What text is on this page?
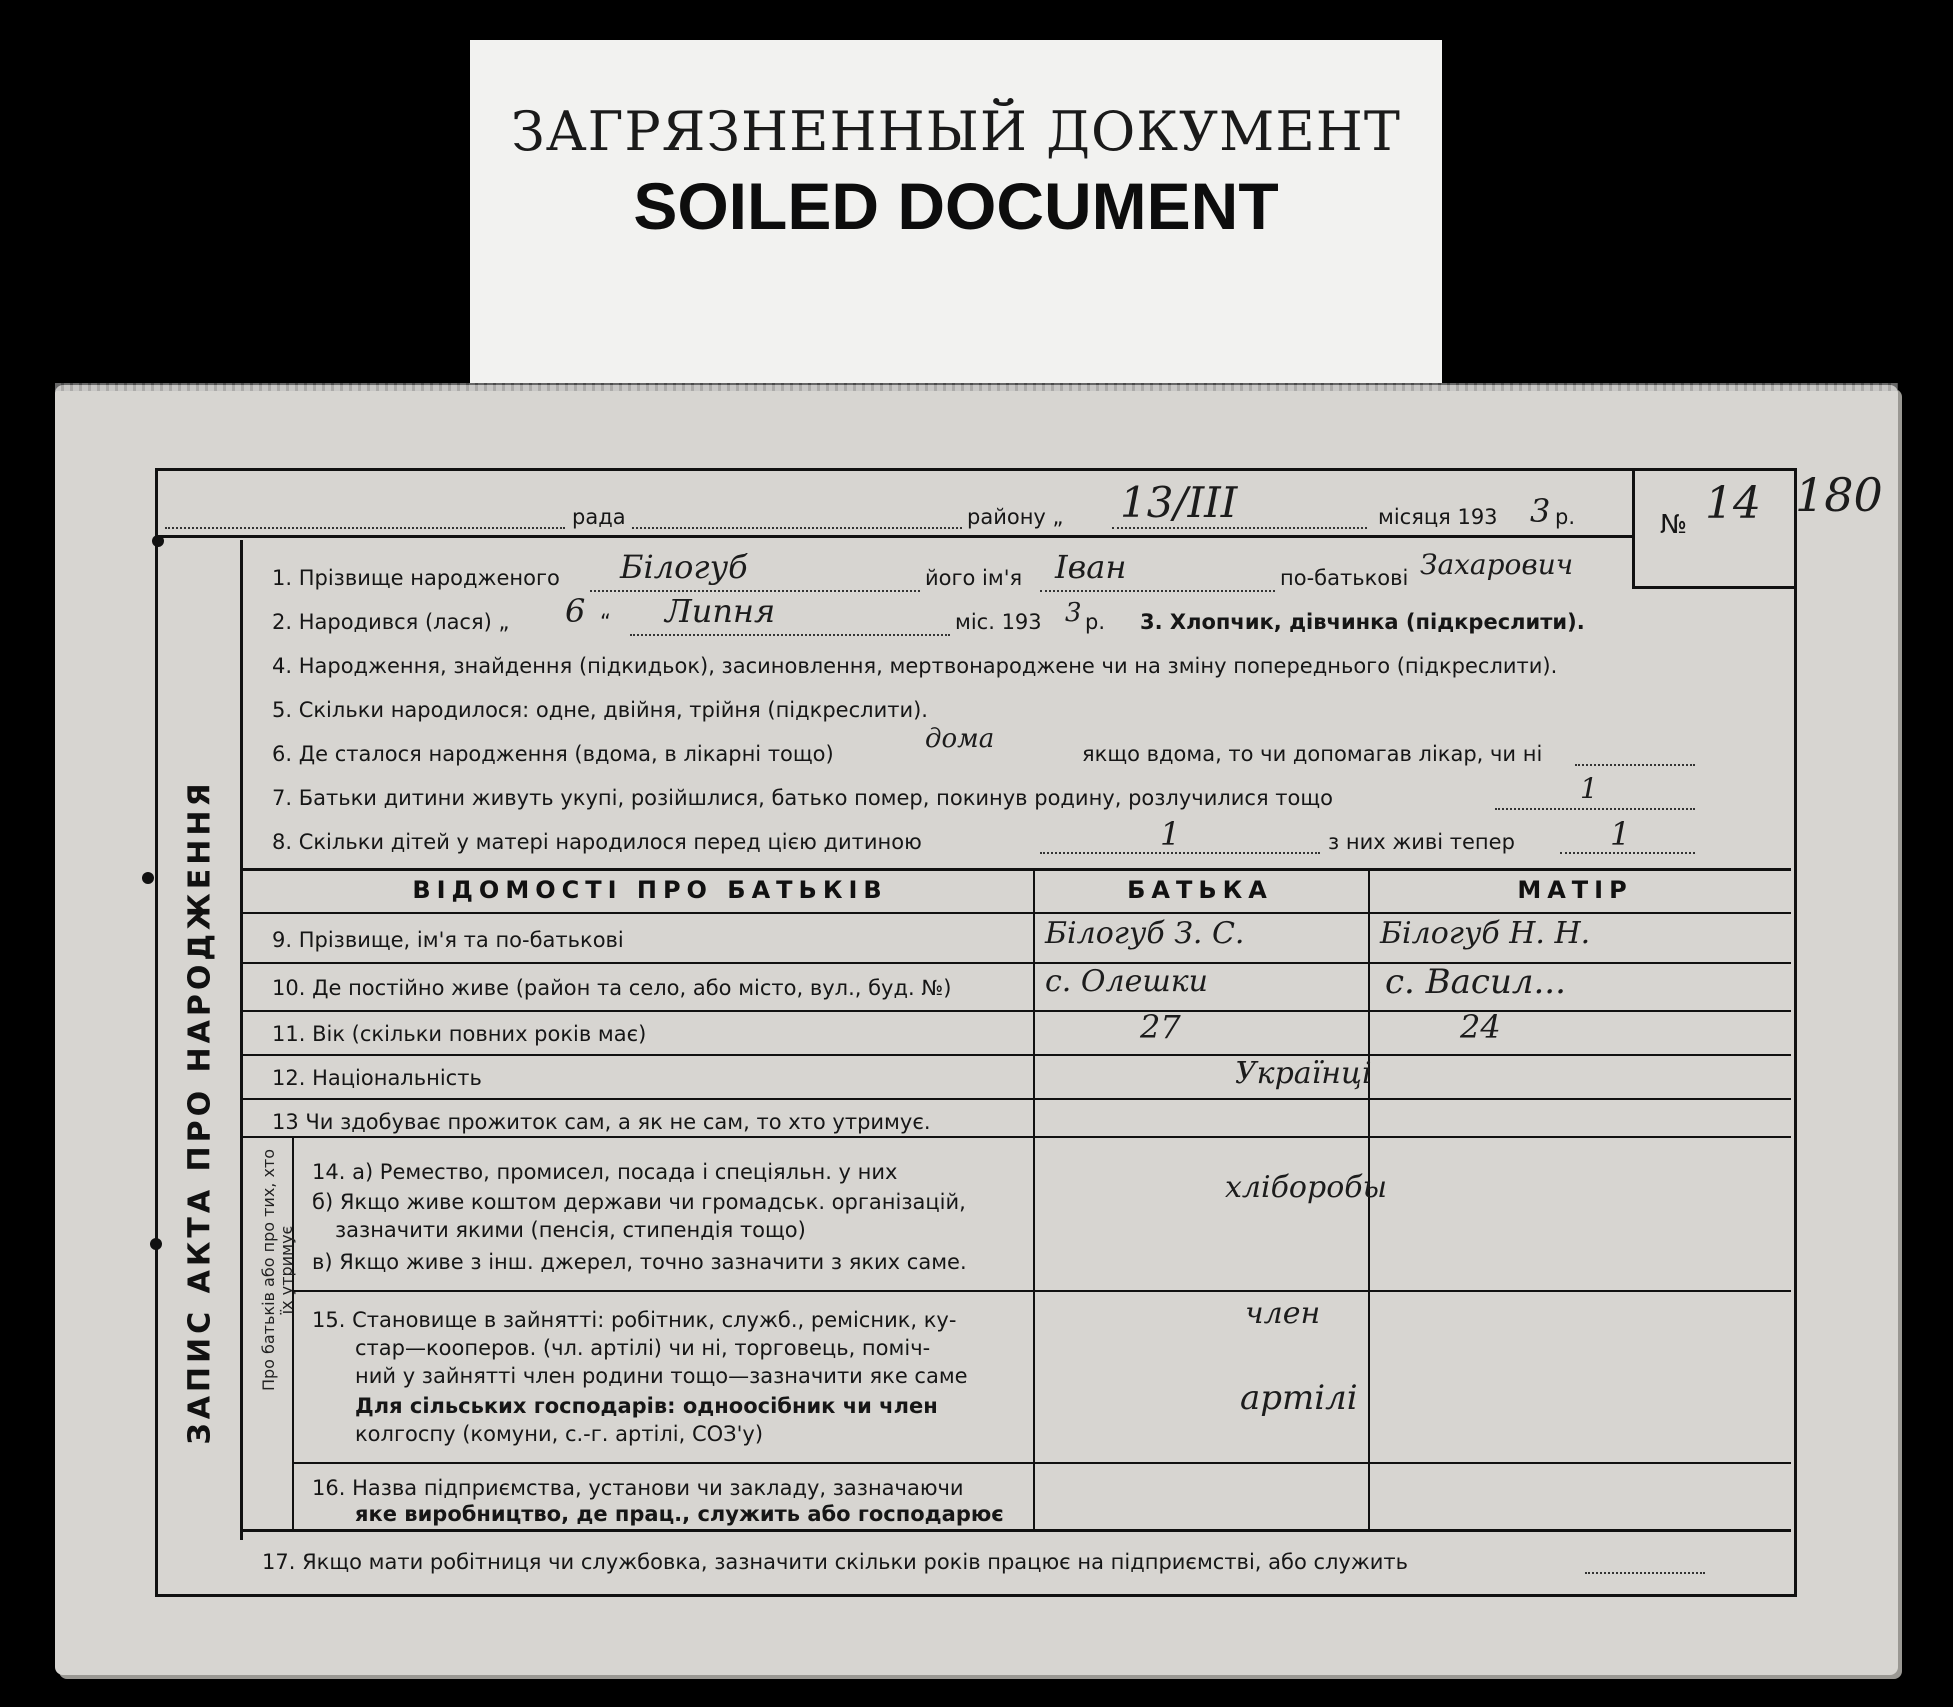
ЗАГРЯЗНЕННЫЙ ДОКУМЕНТ
SOILED DOCUMENT
рада	району „ 13/III	місяця 193 3 р.	№ 14 180
ЗАПИС АКТА ПРО НАРОДЖЕННЯ
1. Прізвище народженого Білогуб	його ім'я Іван	по-батькові Захарович
2. Народився (лася) „ 6 “ Липня	міс. 193 3 р. 3. Хлопчик, дівчинка (підкреслити).
4. Народження, знайдення (підкидьок), засиновлення, мертвонароджене чи на зміну попереднього (підкреслити).
5. Скільки народилося: одне, двійня, трійня (підкреслити).
6. Де сталося народження (вдома, в лікарні тощо)	дома	якщо вдома, то чи допомагав лікар, чи ні
7. Батьки дитини живуть укупі, розійшлися, батько помер, покинув родину, розлучилися тощо	1
8. Скільки дітей у матері народилося перед цією дитиною	1	з них живі тепер	1
ВІДОМОСТІ ПРО БАТЬКІВ	БАТЬКА	МАТІР
9. Прізвище, ім'я та по-батькові	Білогуб З. С.	Білогуб Н. Н.
10. Де постійно живе (район та село, або місто, вул., буд. №)	с. Олешки	с. Васил...
11. Вік (скільки повних років має)	27	24
12. Національність	Українці
13 Чи здобуває прожиток сам, а як не сам, то хто утримує.
Про батьків або про тих, хто їх утримує
14. а) Ремество, промисел, посада і спеціяльн. у них
б) Якщо живе коштом держави чи громадськ. організацій,
зазначити якими (пенсія, стипендія тощо)
в) Якщо живе з інш. джерел, точно зазначити з яких саме.
хліборобы
15. Становище в зайнятті: робітник, служб., ремісник, ку-
стар—кооперов. (чл. артілі) чи ні, торговець, поміч-
ний у зайнятті член родини тощо—зазначити яке саме
Для сільських господарів: одноосібник чи член
колгоспу (комуни, с.-г. артілі, СОЗ'у)
член
артілі
16. Назва підприємства, установи чи закладу, зазначаючи
яке виробництво, де прац., служить або господарює
17. Якщо мати робітниця чи службовка, зазначити скільки років працює на підприємстві, або служить
